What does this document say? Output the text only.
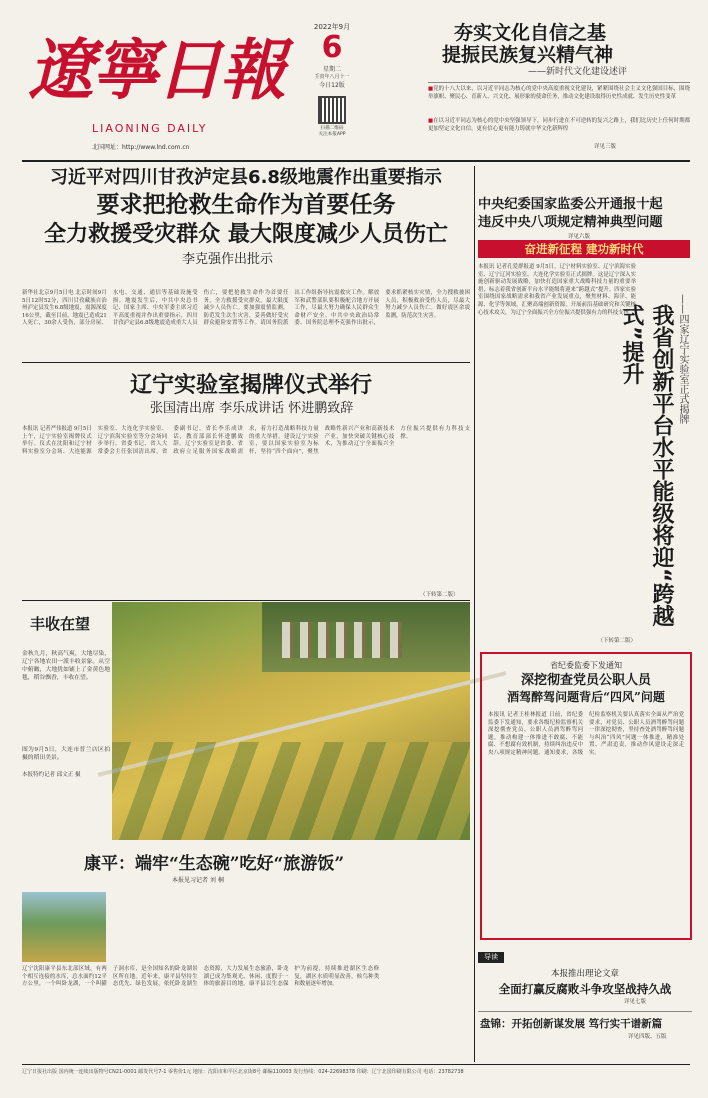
遼寧日報
LIAONING DAILY
2022年9月
6
星期二
壬寅年八月十一
今日12版
扫描二维码
关注本报APP
北国网址：http://www.lnd.com.cn
夯实文化自信之基
提振民族复兴精气神
——新时代文化建设述评
■党的十八大以来，以习近平同志为核心的党中央高度重视文化建设，紧紧围绕社会主义文化强国目标，围绕举旗帜、聚民心、育新人、兴文化、展形象的使命任务，推动文化建设取得历史性成就、发生历史性变革
■在以习近平同志为核心的党中央坚强领导下，同步行进在不可逆转的复兴之路上，我们比历史上任何时期都更加坚定文化自信，更有信心更有能力铸就中华文化新辉煌
详见三版
习近平对四川甘孜泸定县6.8级地震作出重要指示
要求把抢救生命作为首要任务
全力救援受灾群众 最大限度减少人员伤亡
李克强作出批示
新华社北京9月5日电 北京时间9月5日12时52分，四川甘孜藏族自治州泸定县发生6.8级地震，震源深度16公里，截至目前，地震已造成21人死亡，30余人受伤，部分房屋、水电、交通、通信等基础设施受损。地震发生后，中共中央总书记、国家主席、中央军委主席习近平高度重视并作出重要指示，四川甘孜泸定县6.8级地震造成重大人员伤亡，要把抢救生命作为首要任务，全力救援受灾群众，最大限度减少人员伤亡。要加强震情监测，防范发生次生灾害，妥善做好受灾群众避险安置等工作。请国务院派出工作组指导抗震救灾工作。解放军和武警部队要积极配合地方开展工作，尽最大努力确保人民群众生命财产安全。中共中央政治局常委、国务院总理李克强作出批示，要求抓紧核实灾情，全力搜救被困人员，积极救治受伤人员，尽最大努力减少人员伤亡。做好震区余震监测，防范次生灾害。
辽宁实验室揭牌仪式举行
张国清出席 李乐成讲话 怀进鹏致辞
本报讯 记者严伟报道 9月5日上午，辽宁实验室揭牌仪式举行。仪式在沈阳和辽宁材料实验室分会场、大连能源实验室、大连化学实验室、辽宁滨海实验室等分会场同步举行。省委书记、省人大常委会主任张国清出席，省委副书记、省长李乐成讲话，教育部部长怀进鹏致辞。辽宁实验室是省委、省政府立足服务国家战略需求，着力打造战略科技力量的重大举措。建设辽宁实验室，要以国家实验室为标杆，坚持“四个面向”，聚焦战略性新兴产业和高新技术产业，加快突破关键核心技术，为推动辽宁全面振兴全方位振兴提供有力科技支撑。
（下转第二版）
丰收在望
金秋九月，秋高气爽，大地尽染，辽宁各地农田一派丰收景象。从空中俯瞰，大地犹如铺上了金黄色地毯，稻谷飘香，丰收在望。
图为9月5日，大连市普兰店区拍摄的稻田美景。
本报特约记者 邱文正 摄
康平：端牢“生态碗”吃好“旅游饭”
本报见习记者 刘 桐
辽宁沈阳康平县东北部区域，有两个相互连接的水库，总水面约12平方公里，一个叫卧龙湖，一个叫獾子洞水库，是全国知名的卧龙湖景区所在地。近年来，康平县坚持生态优先、绿色发展，依托卧龙湖生态资源，大力发展生态旅游，卧龙湖已成为集观光、休闲、度假于一体的旅游目的地。康平县以生态保护为前提，持续推进湖区生态修复，湖区水质明显改善，候鸟种类和数量逐年增加。
中央纪委国家监委公开通报十起
违反中央八项规定精神典型问题
详见六版
奋进新征程 建功新时代
本报讯 记者孔爱群报道 9月5日，辽宁材料实验室、辽宁滨海实验室、辽宁辽河实验室、大连化学实验室正式揭牌。这是辽宁深入实施创新驱动发展战略，加快打造国家重大战略科技力量的重要举措，标志着我省创新平台水平能级将迎来“跨越式”提升。四家实验室围绕国家战略需求和我省产业发展重点，聚焦材料、海洋、能源、化学等领域，汇聚高端创新资源，开展前沿基础研究和关键核心技术攻关，为辽宁全面振兴全方位振兴提供强有力的科技支撑。
（下转第二版）
——四家辽宁实验室正式揭牌
我省创新平台水平能级将迎“跨越式”提升
省纪委监委下发通知
深挖彻查党员公职人员
酒驾醉驾问题背后“四风”问题
本报讯 记者王桂林报道 日前，省纪委监委下发通知，要求各级纪检监察机关深挖彻查党员、公职人员酒驾醉驾问题，推动构建一体推进不敢腐、不能腐、不想腐有效机制，持续纠治违反中央八项规定精神问题。通知要求，各级纪检监察机关要认真落实全面从严治党要求，对党员、公职人员酒驾醉驾问题一律深挖彻查，坚持查处酒驾醉驾问题与纠治“四风”问题一体推进，精准处置、严肃追责，推动作风建设走深走实。
导读
本报推出理论文章
全面打赢反腐败斗争攻坚战持久战
详见七版
盘锦：开拓创新谋发展 笃行实干谱新篇
详见四版、五版
辽宁日报社出版 国内统一连续出版物号CN21-0001 邮发代号7-1 零售价1元 地址：沈阳市和平区北京街8号 邮编110003 发行热线：024-22698378 印刷：辽宁北国印刷有限公司 电话：23782738
